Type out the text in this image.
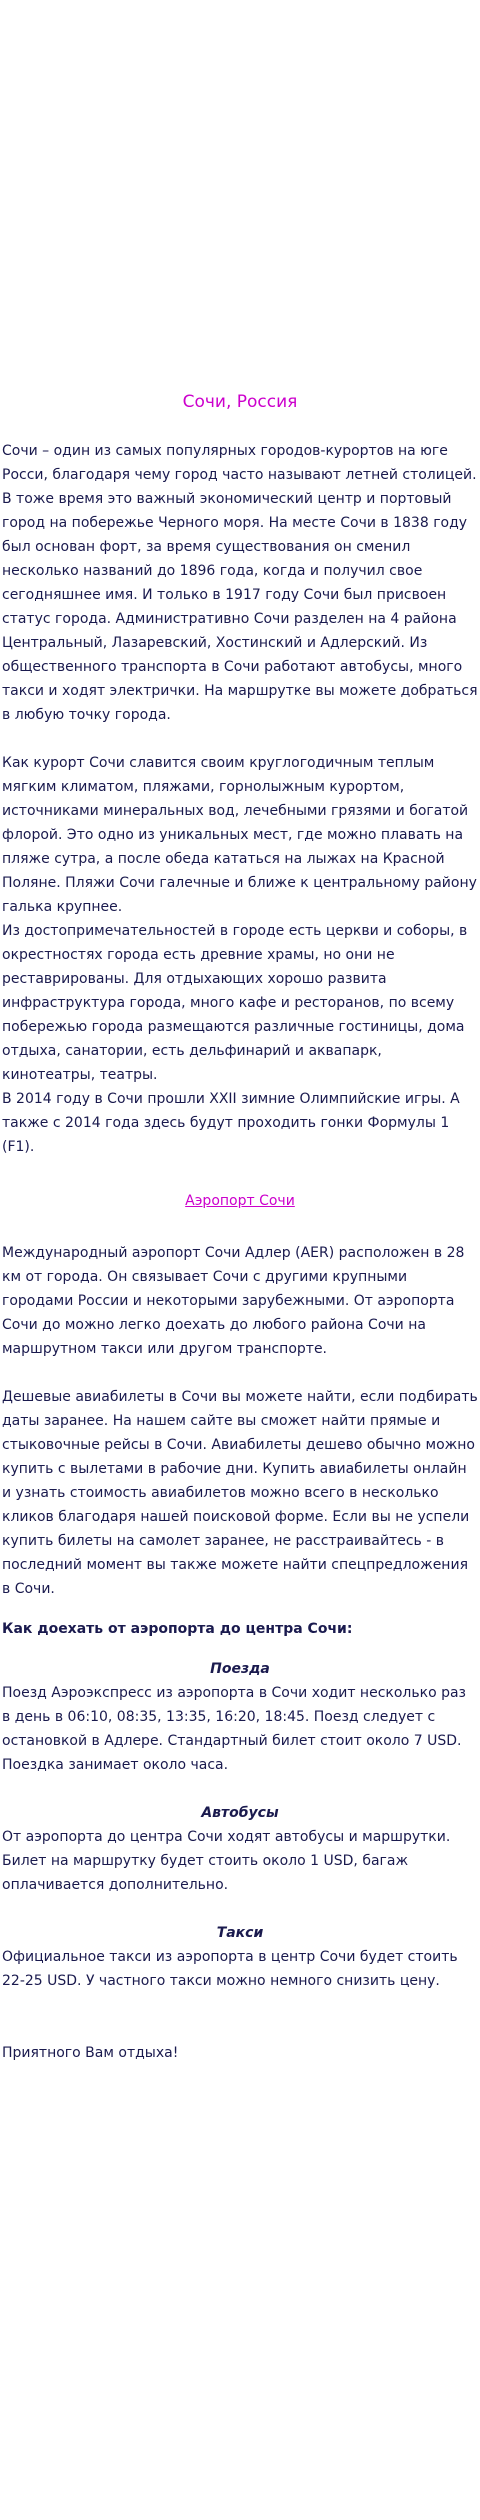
Сочи, Россия

Сочи – один из самых популярных городов-курортов на юге Росси, благодаря чему город часто называют летней столицей. В тоже время это важный экономический центр и портовый город на побережье Черного моря. На месте Сочи в 1838 году был основан форт, за время существования он сменил несколько названий до 1896 года, когда и получил свое сегодняшнее имя. И только в 1917 году Сочи был присвоен статус города. Административно Сочи разделен на 4 района Центральный, Лазаревский, Хостинский и Адлерский. Из общественного транспорта в Сочи работают автобусы, много такси и ходят электрички. На маршрутке вы можете добраться в любую точку города.

Как курорт Сочи славится своим круглогодичным теплым мягким климатом, пляжами, горнолыжным курортом, источниками минеральных вод, лечебными грязями и богатой флорой. Это одно из уникальных мест, где можно плавать на пляже сутра, а после обеда кататься на лыжах на Красной Поляне. Пляжи Сочи галечные и ближе к центральному району галька крупнее.

Из достопримечательностей в городе есть церкви и соборы, в окрестностях города есть древние храмы, но они не реставрированы. Для отдыхающих хорошо развита инфраструктура города, много кафе и ресторанов, по всему побережью города размещаются различные гостиницы, дома отдыха, санатории, есть дельфинарий и аквапарк, кинотеатры, театры.

В 2014 году в Сочи прошли XXII зимние Олимпийские игры. А также с 2014 года здесь будут проходить гонки Формулы 1 (F1).

Аэропорт Сочи

Международный аэропорт Сочи Адлер (AER) расположен в 28 км от города. Он связывает Сочи с другими крупными городами России и некоторыми зарубежными. От аэропорта Сочи до можно легко доехать до любого района Сочи на маршрутном такси или другом транспорте.

Дешевые авиабилеты в Сочи вы можете найти, если подбирать даты заранее. На нашем сайте вы сможет найти прямые и стыковочные рейсы в Сочи. Авиабилеты дешево обычно можно купить с вылетами в рабочие дни. Купить авиабилеты онлайн и узнать стоимость авиабилетов можно всего в несколько кликов благодаря нашей поисковой форме. Если вы не успели купить билеты на самолет заранее, не расстраивайтесь - в последний момент вы также можете найти спецпредложения в Сочи.

Как доехать от аэропорта до центра Сочи:
Поезда

Поезд Аэроэкспресс из аэропорта в Сочи ходит несколько раз в день в 06:10, 08:35, 13:35, 16:20, 18:45. Поезд следует с остановкой в Адлере. Стандартный билет стоит около 7 USD. Поездка занимает около часа.

Автобусы

От аэропорта до центра Сочи ходят автобусы и маршрутки. Билет на маршрутку будет стоить около 1 USD, багаж оплачивается дополнительно.

Такси

Официальное такси из аэропорта в центр Сочи будет стоить 22-25 USD. У частного такси можно немного снизить цену.

Приятного Вам отдыха!
